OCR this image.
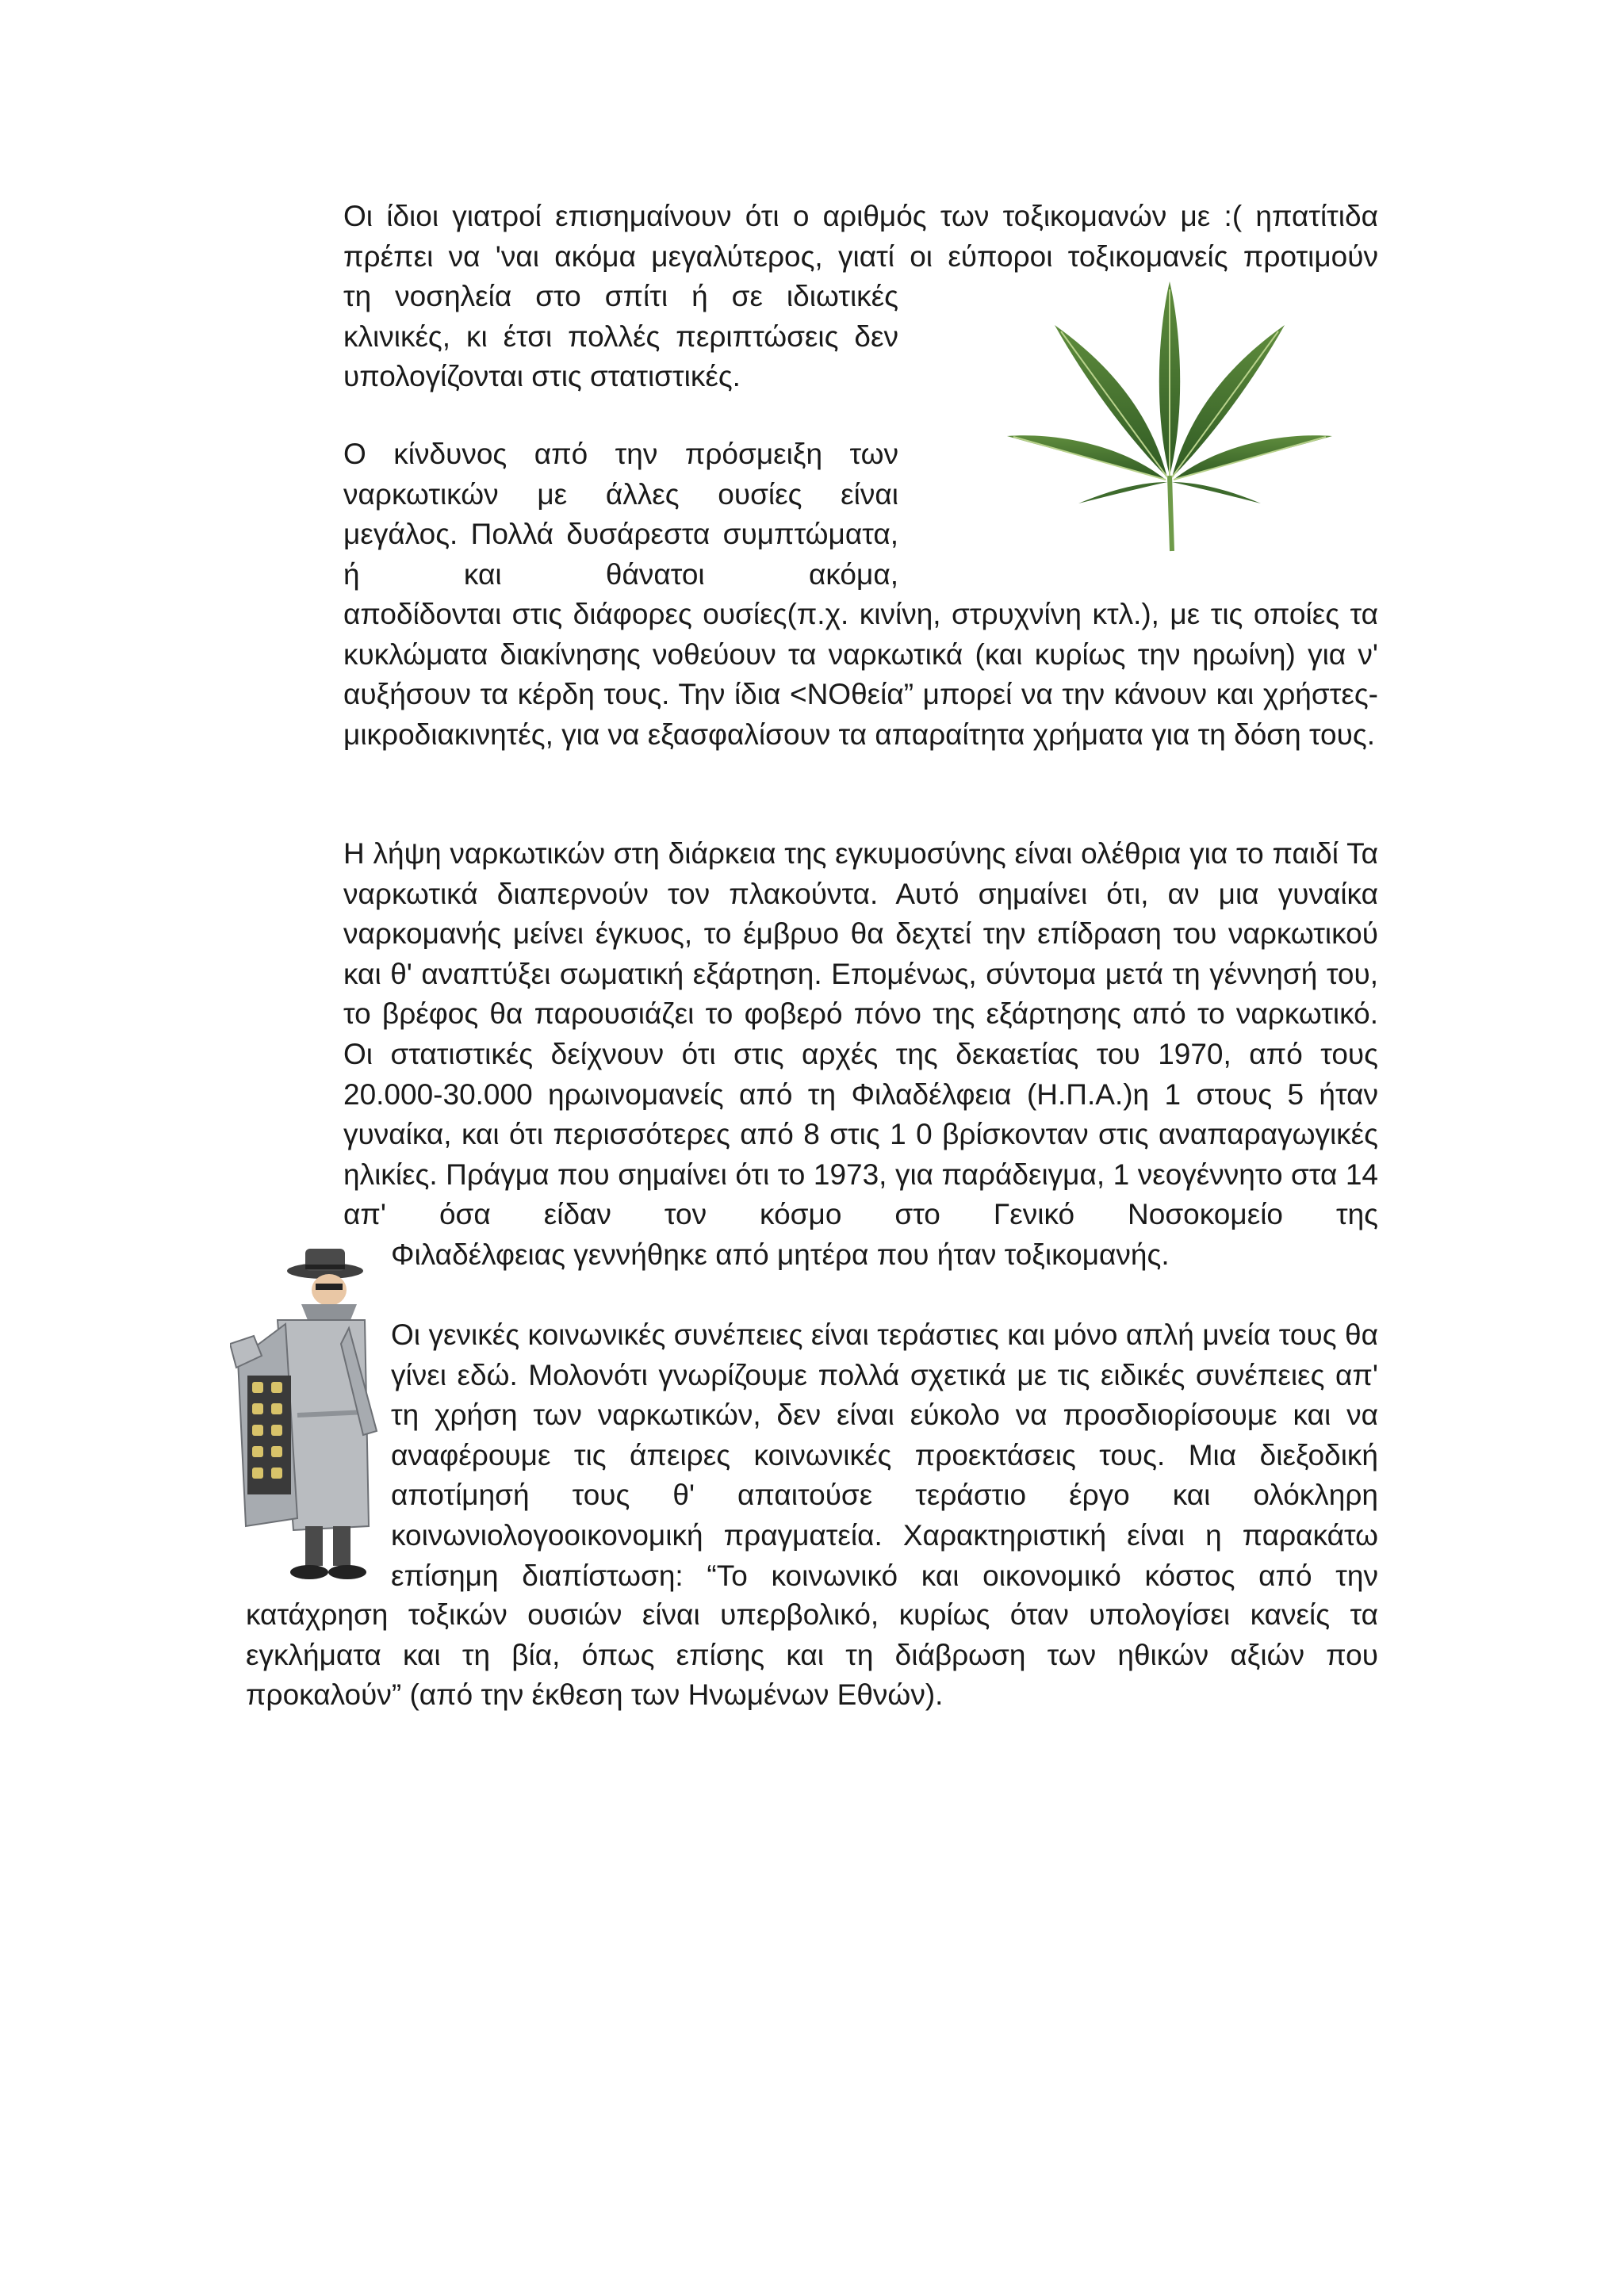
Οι ίδιοι γιατροί επισημαίνουν ότι ο αριθμός των τοξικομανών με :( ηπατίτιδα πρέπει να 'ναι ακόμα μεγαλύτερος, γιατί οι εύποροι τοξικομανείς προτιμούν

τη νοσηλεία στο σπίτι ή σε ιδιωτικές κλινικές, κι έτσι πολλές περιπτώσεις δεν υπολογίζονται στις στατιστικές.

Ο κίνδυνος από την πρόσμειξη των ναρκωτικών με άλλες ουσίες είναι μεγάλος. Πολλά δυσάρεστα συμπτώματα, ή και θάνατοι ακόμα,

αποδίδονται στις διάφορες ουσίες(π.χ. κινίνη, στρυχνίνη κτλ.), με τις οποίες τα κυκλώματα διακίνησης νοθεύουν τα ναρκωτικά (και κυρίως την ηρωίνη) για ν' αυξήσουν τα κέρδη τους. Την ίδια <ΝΟθεία” μπορεί να την κάνουν και χρήστες-μικροδιακινητές, για να εξασφαλίσουν τα απαραίτητα χρήματα για τη δόση τους.

Η λήψη ναρκωτικών στη διάρκεια της εγκυμοσύνης είναι ολέθρια για το παιδί Τα ναρκωτικά διαπερνούν τον πλακούντα. Αυτό σημαίνει ότι, αν μια γυναίκα ναρκομανής μείνει έγκυος, το έμβρυο θα δεχτεί την επίδραση του ναρκωτικού και θ' αναπτύξει σωματική εξάρτηση. Επομένως, σύντομα μετά τη γέννησή του, το βρέφος θα παρουσιάζει το φοβερό πόνο της εξάρτησης από το ναρκωτικό. Οι στατιστικές δείχνουν ότι στις αρχές της δεκαετίας του 1970, από τους 20.000-30.000 ηρωινομανείς από τη Φιλαδέλφεια (Η.Π.Α.)η 1 στους 5 ήταν γυναίκα, και ότι περισσότερες από 8 στις 1 0 βρίσκονταν στις αναπαραγωγικές ηλικίες. Πράγμα που σημαίνει ότι το 1973, για παράδειγμα, 1 νεογέννητο στα 14 απ' όσα είδαν τον κόσμο στο Γενικό Νοσοκομείο της

Φιλαδέλφειας γεννήθηκε από μητέρα που ήταν τοξικομανής.

Οι γενικές κοινωνικές συνέπειες είναι τεράστιες και μόνο απλή μνεία τους θα γίνει εδώ. Μολονότι γνωρίζουμε πολλά σχετικά με τις ειδικές συνέπειες απ' τη χρήση των ναρκωτικών, δεν είναι εύκολο να προσδιορίσουμε και να αναφέρουμε τις άπειρες κοινωνικές προεκτάσεις τους. Μια διεξοδική αποτίμησή τους θ' απαιτούσε τεράστιο έργο και ολόκληρη κοινωνιολογοοικονομική πραγματεία. Χαρακτηριστική είναι η παρακάτω επίσημη διαπίστωση: “Το κοινωνικό και οικονομικό κόστος από την

κατάχρηση τοξικών ουσιών είναι υπερβολικό, κυρίως όταν υπολογίσει κανείς τα εγκλήματα και τη βία, όπως επίσης και τη διάβρωση των ηθικών αξιών που προκαλούν” (από την έκθεση των Ηνωμένων Εθνών).
